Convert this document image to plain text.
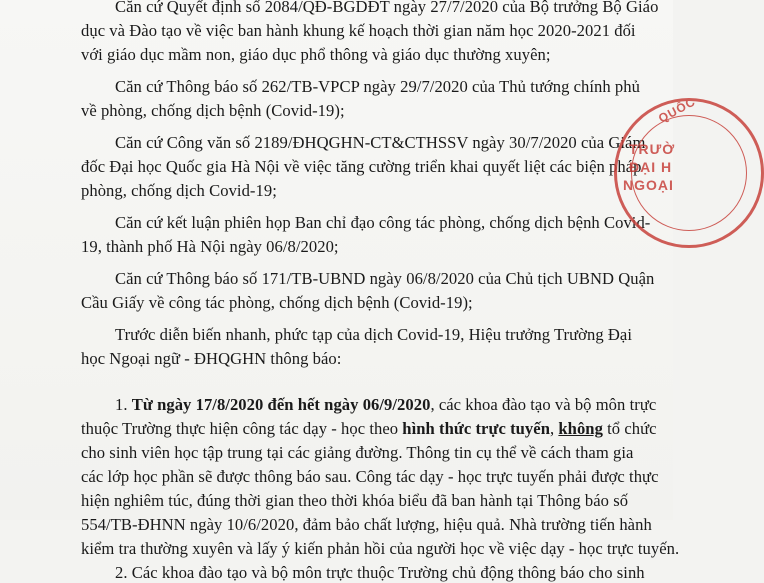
Căn cứ Quyết định số 2084/QĐ-BGDĐT ngày 27/7/2020 của Bộ trưởng Bộ Giáo
dục và Đào tạo về việc ban hành khung kế hoạch thời gian năm học 2020-2021 đối
với giáo dục mầm non, giáo dục phổ thông và giáo dục thường xuyên;
Căn cứ Thông báo số 262/TB-VPCP ngày 29/7/2020 của Thủ tướng chính phủ
về phòng, chống dịch bệnh (Covid-19);
Căn cứ Công văn số 2189/ĐHQGHN-CT&CTHSSV ngày 30/7/2020 của Giám
đốc Đại học Quốc gia Hà Nội về việc tăng cường triển khai quyết liệt các biện pháp
phòng, chống dịch Covid-19;
Căn cứ kết luận phiên họp Ban chỉ đạo công tác phòng, chống dịch bệnh Covid-
19, thành phố Hà Nội ngày 06/8/2020;
Căn cứ Thông báo số 171/TB-UBND ngày 06/8/2020 của Chủ tịch UBND Quận
Cầu Giấy về công tác phòng, chống dịch bệnh (Covid-19);
Trước diễn biến nhanh, phức tạp của dịch Covid-19, Hiệu trưởng Trường Đại
học Ngoại ngữ - ĐHQGHN thông báo:
1. Từ ngày 17/8/2020 đến hết ngày 06/9/2020, các khoa đào tạo và bộ môn trực
thuộc Trường thực hiện công tác dạy - học theo hình thức trực tuyến, không tổ chức
cho sinh viên học tập trung tại các giảng đường. Thông tin cụ thể về cách tham gia
các lớp học phần sẽ được thông báo sau. Công tác dạy - học trực tuyến phải được thực
hiện nghiêm túc, đúng thời gian theo thời khóa biểu đã ban hành tại Thông báo số
554/TB-ĐHNN ngày 10/6/2020, đảm bảo chất lượng, hiệu quả. Nhà trường tiến hành
kiểm tra thường xuyên và lấy ý kiến phản hồi của người học về việc dạy - học trực tuyến.
2. Các khoa đào tạo và bộ môn trực thuộc Trường chủ động thông báo cho sinh
QUỐC
TRƯỜ
ĐẠI H
NGOẠI
